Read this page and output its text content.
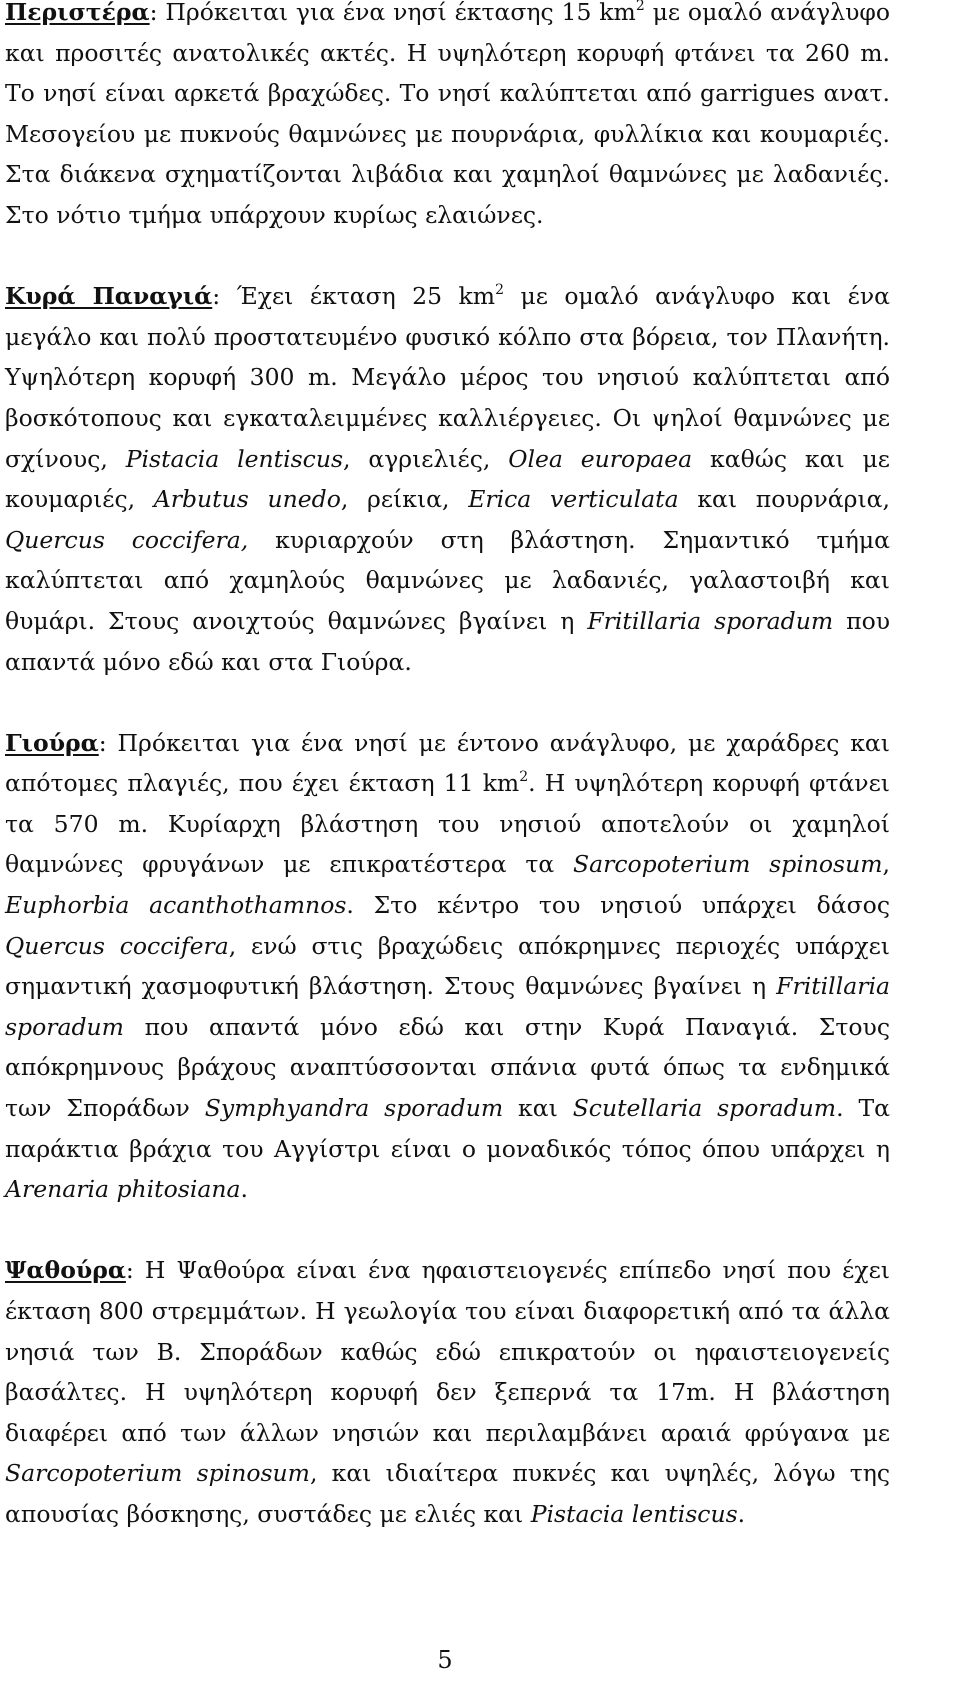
Περιστέρα: Πρόκειται για ένα νησί έκτασης 15 $km^2$ με ομαλό ανάγλυφο και προσιτές ανατολικές ακτές. Η υψηλότερη κορυφή φτάνει τα 260 m. Το νησί είναι αρκετά βραχώδες. Το νησί καλύπτεται από garrigues ανατ. Μεσογείου με πυκνούς θαμνώνες με πουρνάρια, φυλλίκια και κουμαριές. Στα διάκενα σχηματίζονται λιβάδια και χαμηλοί θαμνώνες με λαδανιές. Στο νότιο τμήμα υπάρχουν κυρίως ελαιώνες.

Κυρά Παναγιά: Έχει έκταση 25 $km^2$ με ομαλό ανάγλυφο και ένα μεγάλο και πολύ προστατευμένο φυσικό κόλπο στα βόρεια, τον Πλανήτη. Υψηλότερη κορυφή 300 m. Μεγάλο μέρος του νησιού καλύπτεται από βοσκότοπους και εγκαταλειμμένες καλλιέργειες. Οι ψηλοί θαμνώνες με σχίνους, Pistacia lentiscus, αγριελιές, Olea europaea καθώς και με κουμαριές, Arbutus unedo, ρείκια, Erica verticulata και πουρνάρια, Quercus coccifera, κυριαρχούν στη βλάστηση. Σημαντικό τμήμα καλύπτεται από χαμηλούς θαμνώνες με λαδανιές, γαλαστοιβή και θυμάρι. Στους ανοιχτούς θαμνώνες βγαίνει η Fritillaria sporadum που απαντά μόνο εδώ και στα Γιούρα.

Γιούρα: Πρόκειται για ένα νησί με έντονο ανάγλυφο, με χαράδρες και απότομες πλαγιές, που έχει έκταση 11 $km^2$. Η υψηλότερη κορυφή φτάνει τα 570 m. Κυρίαρχη βλάστηση του νησιού αποτελούν οι χαμηλοί θαμνώνες φρυγάνων με επικρατέστερα τα Sarcopoterium spinosum, Euphorbia acanthothamnos. Στο κέντρο του νησιού υπάρχει δάσος Quercus coccifera, ενώ στις βραχώδεις απόκρημνες περιοχές υπάρχει σημαντική χασμοφυτική βλάστηση. Στους θαμνώνες βγαίνει η Fritillaria sporadum που απαντά μόνο εδώ και στην Κυρά Παναγιά. Στους απόκρημνους βράχους αναπτύσσονται σπάνια φυτά όπως τα ενδημικά των Σποράδων Symphyandra sporadum και Scutellaria sporadum. Τα παράκτια βράχια του Αγγίστρι είναι ο μοναδικός τόπος όπου υπάρχει η Arenaria phitosiana.

Ψαθούρα: Η Ψαθούρα είναι ένα ηφαιστειογενές επίπεδο νησί που έχει έκταση 800 στρεμμάτων. Η γεωλογία του είναι διαφορετική από τα άλλα νησιά των Β. Σποράδων καθώς εδώ επικρατούν οι ηφαιστειογενείς βασάλτες. Η υψηλότερη κορυφή δεν ξεπερνά τα 17m. Η βλάστηση διαφέρει από των άλλων νησιών και περιλαμβάνει αραιά φρύγανα με Sarcopoterium spinosum, και ιδιαίτερα πυκνές και υψηλές, λόγω της απουσίας βόσκησης, συστάδες με ελιές και Pistacia lentiscus.

5
